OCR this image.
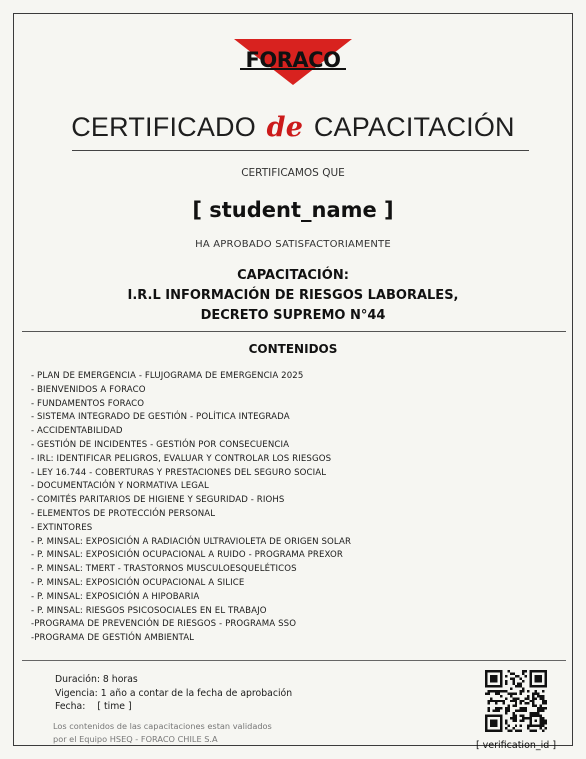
FORACO
CERTIFICADO de CAPACITACIÓN
CERTIFICAMOS QUE
[ student_name ]
HA APROBADO SATISFACTORIAMENTE
CAPACITACIÓN:
I.R.L INFORMACIÓN DE RIESGOS LABORALES,
DECRETO SUPREMO N°44
CONTENIDOS
- PLAN DE EMERGENCIA - FLUJOGRAMA DE EMERGENCIA 2025
- BIENVENIDOS A FORACO
- FUNDAMENTOS FORACO
- SISTEMA INTEGRADO DE GESTIÓN - POLÍTICA INTEGRADA
- ACCIDENTABILIDAD
- GESTIÓN DE INCIDENTES - GESTIÓN POR CONSECUENCIA
- IRL: IDENTIFICAR PELIGROS, EVALUAR Y CONTROLAR LOS RIESGOS
- LEY 16.744 - COBERTURAS Y PRESTACIONES DEL SEGURO SOCIAL
- DOCUMENTACIÓN Y NORMATIVA LEGAL
- COMITÉS PARITARIOS DE HIGIENE Y SEGURIDAD - RIOHS
- ELEMENTOS DE PROTECCIÓN PERSONAL
- EXTINTORES
- P. MINSAL: EXPOSICIÓN A RADIACIÓN ULTRAVIOLETA DE ORIGEN SOLAR
- P. MINSAL: EXPOSICIÓN OCUPACIONAL A RUIDO - PROGRAMA PREXOR
- P. MINSAL: TMERT - TRASTORNOS MUSCULOESQUELÉTICOS
- P. MINSAL: EXPOSICIÓN OCUPACIONAL A SILICE
- P. MINSAL: EXPOSICIÓN A HIPOBARIA
- P. MINSAL: RIESGOS PSICOSOCIALES EN EL TRABAJO
-PROGRAMA DE PREVENCIÓN DE RIESGOS - PROGRAMA SSO
-PROGRAMA DE GESTIÓN AMBIENTAL
Duración: 8 horas
Vigencia: 1 año a contar de la fecha de aprobación
Fecha: [ time ]
Los contenidos de las capacitaciones estan validados
por el Equipo HSEQ - FORACO CHILE S.A
[ verification_id ]
